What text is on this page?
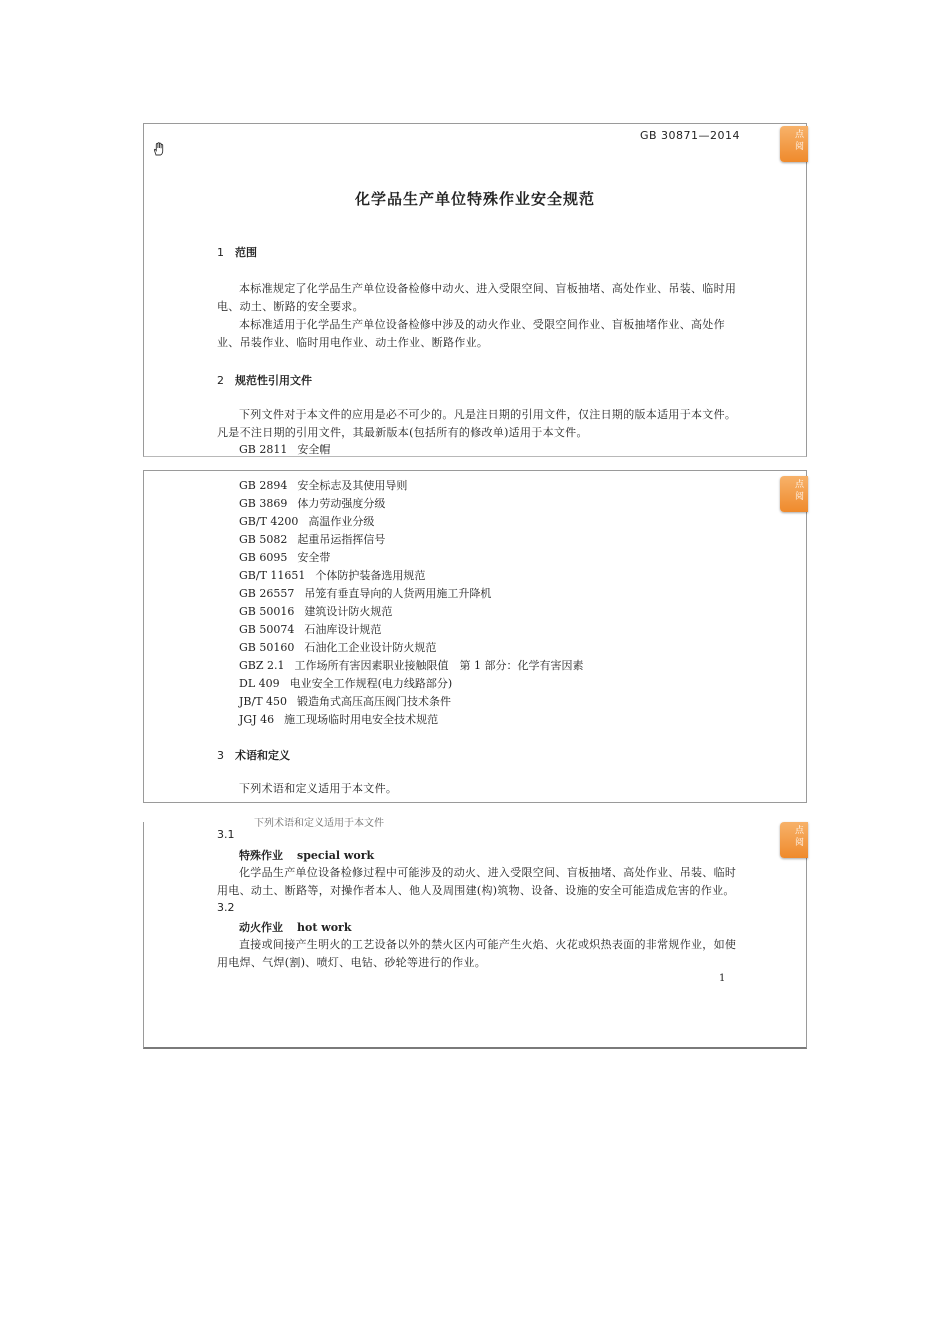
点
阅
GB 30871—2014
化学品生产单位特殊作业安全规范
1 范围
本标准规定了化学品生产单位设备检修中动火、进入受限空间、盲板抽堵、高处作业、吊装、临时用电、动土、断路的安全要求。
本标准适用于化学品生产单位设备检修中涉及的动火作业、受限空间作业、盲板抽堵作业、高处作业、吊装作业、临时用电作业、动土作业、断路作业。
2 规范性引用文件
下列文件对于本文件的应用是必不可少的。凡是注日期的引用文件，仅注日期的版本适用于本文件。凡是不注日期的引用文件，其最新版本(包括所有的修改单)适用于本文件。
GB 2811 安全帽
点
阅
GB 2894 安全标志及其使用导则
GB 3869 体力劳动强度分级
GB/T 4200 高温作业分级
GB 5082 起重吊运指挥信号
GB 6095 安全带
GB/T 11651 个体防护装备选用规范
GB 26557 吊笼有垂直导向的人货两用施工升降机
GB 50016 建筑设计防火规范
GB 50074 石油库设计规范
GB 50160 石油化工企业设计防火规范
GBZ 2.1 工作场所有害因素职业接触限值　第 1 部分：化学有害因素
DL 409 电业安全工作规程(电力线路部分)
JB/T 450 锻造角式高压高压阀门技术条件
JGJ 46 施工现场临时用电安全技术规范
3 术语和定义
下列术语和定义适用于本文件。
下列术语和定义适用于本文件
点
阅
3.1
特殊作业 special work
化学品生产单位设备检修过程中可能涉及的动火、进入受限空间、盲板抽堵、高处作业、吊装、临时用电、动土、断路等，对操作者本人、他人及周围建(构)筑物、设备、设施的安全可能造成危害的作业。
3.2
动火作业 hot work
直接或间接产生明火的工艺设备以外的禁火区内可能产生火焰、火花或炽热表面的非常规作业，如使用电焊、气焊(割)、喷灯、电钻、砂轮等进行的作业。
1
